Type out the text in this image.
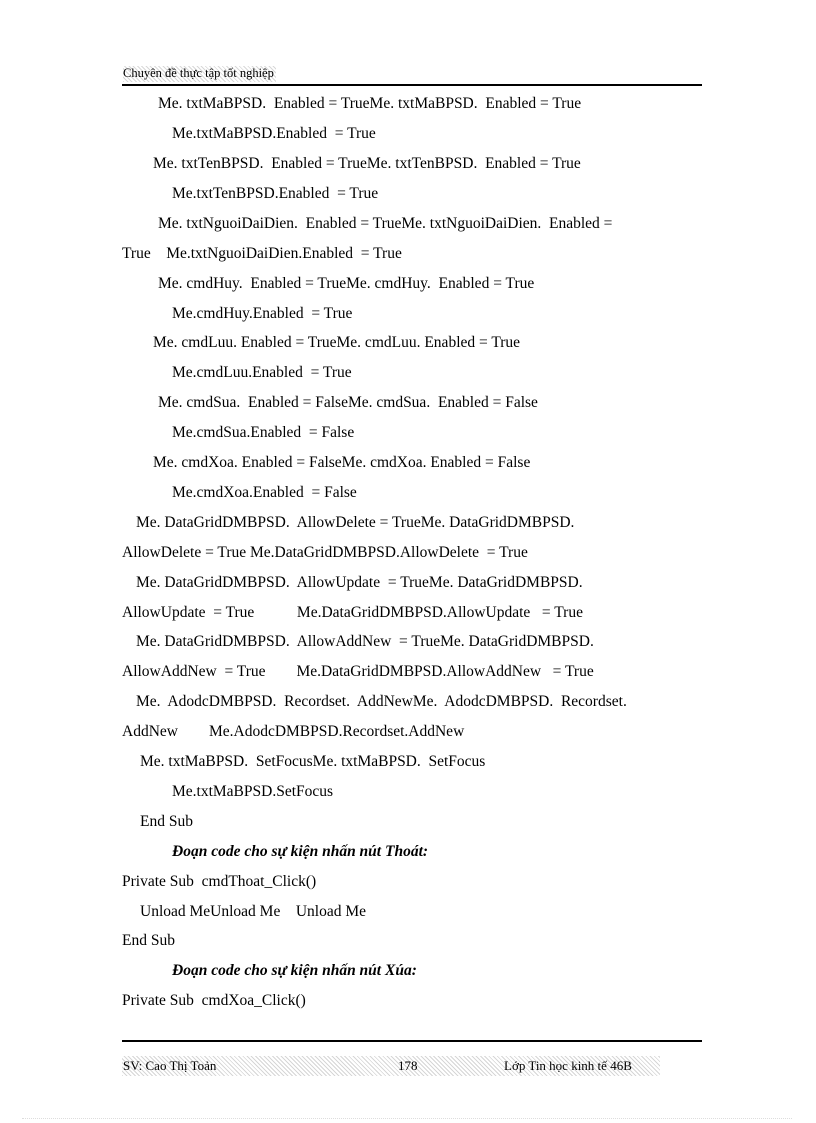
Chuyên đề thực tập tốt nghiệp
Me. txtMaBPSD.  Enabled = TrueMe. txtMaBPSD.  Enabled = True
Me.txtMaBPSD.Enabled  = True
Me. txtTenBPSD.  Enabled = TrueMe. txtTenBPSD.  Enabled = True
Me.txtTenBPSD.Enabled  = True
Me. txtNguoiDaiDien.  Enabled = TrueMe. txtNguoiDaiDien.  Enabled =
True    Me.txtNguoiDaiDien.Enabled  = True
Me. cmdHuy.  Enabled = TrueMe. cmdHuy.  Enabled = True
Me.cmdHuy.Enabled  = True
Me. cmdLuu. Enabled = TrueMe. cmdLuu. Enabled = True
Me.cmdLuu.Enabled  = True
Me. cmdSua.  Enabled = FalseMe. cmdSua.  Enabled = False
Me.cmdSua.Enabled  = False
Me. cmdXoa. Enabled = FalseMe. cmdXoa. Enabled = False
Me.cmdXoa.Enabled  = False
Me. DataGridDMBPSD.  AllowDelete = TrueMe. DataGridDMBPSD.
AllowDelete = True Me.DataGridDMBPSD.AllowDelete  = True
Me. DataGridDMBPSD.  AllowUpdate  = TrueMe. DataGridDMBPSD.
AllowUpdate  = True           Me.DataGridDMBPSD.AllowUpdate   = True
Me. DataGridDMBPSD.  AllowAddNew  = TrueMe. DataGridDMBPSD.
AllowAddNew  = True        Me.DataGridDMBPSD.AllowAddNew   = True
Me.  AdodcDMBPSD.  Recordset.  AddNewMe.  AdodcDMBPSD.  Recordset.
AddNew        Me.AdodcDMBPSD.Recordset.AddNew
Me. txtMaBPSD.  SetFocusMe. txtMaBPSD.  SetFocus
Me.txtMaBPSD.SetFocus
End Sub
Đoạn code cho sự kiện nhấn nút Thoát:
Private Sub  cmdThoat_Click()
Unload MeUnload Me    Unload Me
End Sub
Đoạn code cho sự kiện nhấn nút Xúa:
Private Sub  cmdXoa_Click()
SV: Cao Thị Toản	178	Lớp Tin học kinh tế 46B
